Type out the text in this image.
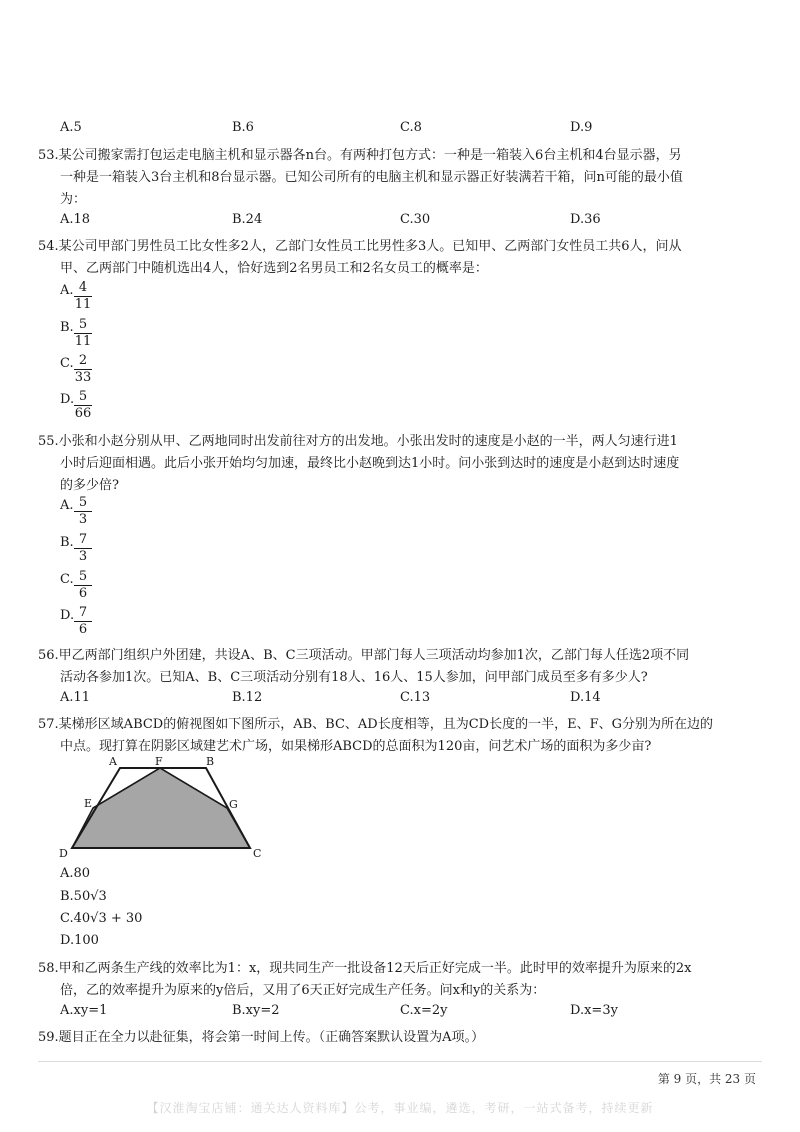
A.5	B.6	C.8	D.9
53.某公司搬家需打包运走电脑主机和显示器各n台。有两种打包方式：一种是一箱装入6台主机和4台显示器，另
一种是一箱装入3台主机和8台显示器。已知公司所有的电脑主机和显示器正好装满若干箱，问n可能的最小值
为：
A.18	B.24	C.30	D.36
54.某公司甲部门男性员工比女性多2人，乙部门女性员工比男性多3人。已知甲、乙两部门女性员工共6人，问从
甲、乙两部门中随机选出4人，恰好选到2名男员工和2名女员工的概率是：
A. 4
11
B. 5
11
C. 2
33
D. 5
66
55.小张和小赵分别从甲、乙两地同时出发前往对方的出发地。小张出发时的速度是小赵的一半，两人匀速行进1
小时后迎面相遇。此后小张开始均匀加速，最终比小赵晚到达1小时。问小张到达时的速度是小赵到达时速度
的多少倍?
A. 5
3
B. 7
3
C. 5
6
D. 7
6
56.甲乙两部门组织户外团建，共设A、B、C三项活动。甲部门每人三项活动均参加1次，乙部门每人任选2项不同
活动各参加1次。已知A、B、C三项活动分别有18人、16人、15人参加，问甲部门成员至多有多少人?
A.11	B.12	C.13	D.14
57.某梯形区域ABCD的俯视图如下图所示，AB、BC、AD长度相等，且为CD长度的一半，E、F、G分别为所在边的
中点。现打算在阴影区域建艺术广场，如果梯形ABCD的总面积为120亩，问艺术广场的面积为多少亩?
A	F	B
E	G
D	C
A.80
B.50√3
C.40√3 + 30
D.100
58.甲和乙两条生产线的效率比为1：x，现共同生产一批设备12天后正好完成一半。此时甲的效率提升为原来的2x
倍，乙的效率提升为原来的y倍后，又用了6天正好完成生产任务。问x和y的关系为：
A.xy=1	B.xy=2	C.x=2y	D.x=3y
59.题目正在全力以赴征集，将会第一时间上传。（正确答案默认设置为A项。）
第 9 页，共 23 页
【汉淮淘宝店铺：通关达人资料库】公考，事业编，遴选，考研，一站式备考，持续更新
